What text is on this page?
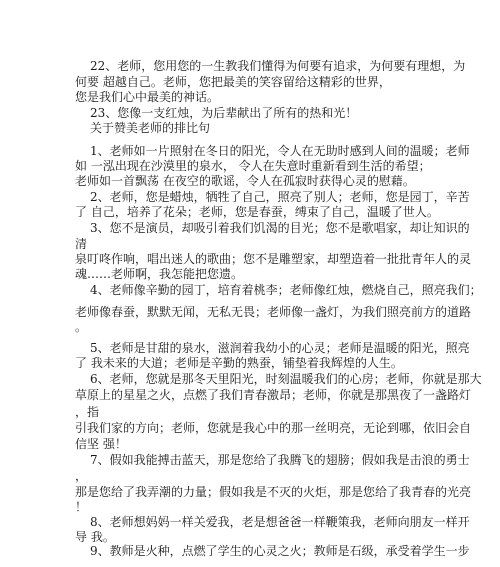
22、老师，您用您的一生教我们懂得为何要有追求，为何要有理想，为
何要 超越自己。老师，您把最美的笑容留给这精彩的世界，
您是我们心中最美的神话。
23、您像一支红烛，为后辈献出了所有的热和光！
关于赞美老师的排比句
1、老师如一片照射在冬日的阳光，令人在无助时感到人间的温暖；老师
如 一泓出现在沙漠里的泉水， 令人在失意时重新看到生活的希望；
老师如一首飘荡 在夜空的歌谣，令人在孤寂时获得心灵的慰藉。
2、老师，您是蜡烛，牺牲了自己，照亮了别人；老师，您是园丁，辛苦
了 自己，培养了花朵；老师，您是春蚕，缚束了自己，温暖了世人。
3、您不是演员，却吸引着我们饥渴的目光；您不是歌唱家，却让知识的
清
泉叮咚作响，唱出迷人的歌曲；您不是雕塑家，却塑造着一批批青年人的灵
魂……老师啊，我怎能把您遗。
4、老师像辛勤的园丁，培育着桃李；老师像红烛，燃烧自己，照亮我们；
老师像春蚕，默默无闻，无私无畏；老师像一盏灯，为我们照亮前方的道路
。
5、老师是甘甜的泉水，滋润着我幼小的心灵；老师是温暖的阳光，照亮
了 我未来的大道；老师是辛勤的熟蚕，铺垫着我辉煌的人生。
6、老师，您就是那冬天里阳光，时刻温暖我们的心房；老师，你就是那大
草原上的星星之火，点燃了我们青春激昂；老师，你就是那黑夜了一盏路灯
，指
引我们家的方向；老师，您就是我心中的那一丝明亮，无论到哪，依旧会自
信坚 强！
7、假如我能搏击蓝天，那是您给了我腾飞的翅膀；假如我是击浪的勇士
，
那是您给了我弄潮的力量；假如我是不灭的火炬，那是您给了我青春的光亮
！
8、老师想妈妈一样关爱我，老是想爸爸一样鞭策我，老师向朋友一样开
导 我。
9、教师是火种，点燃了学生的心灵之火；教师是石级，承受着学生一步
